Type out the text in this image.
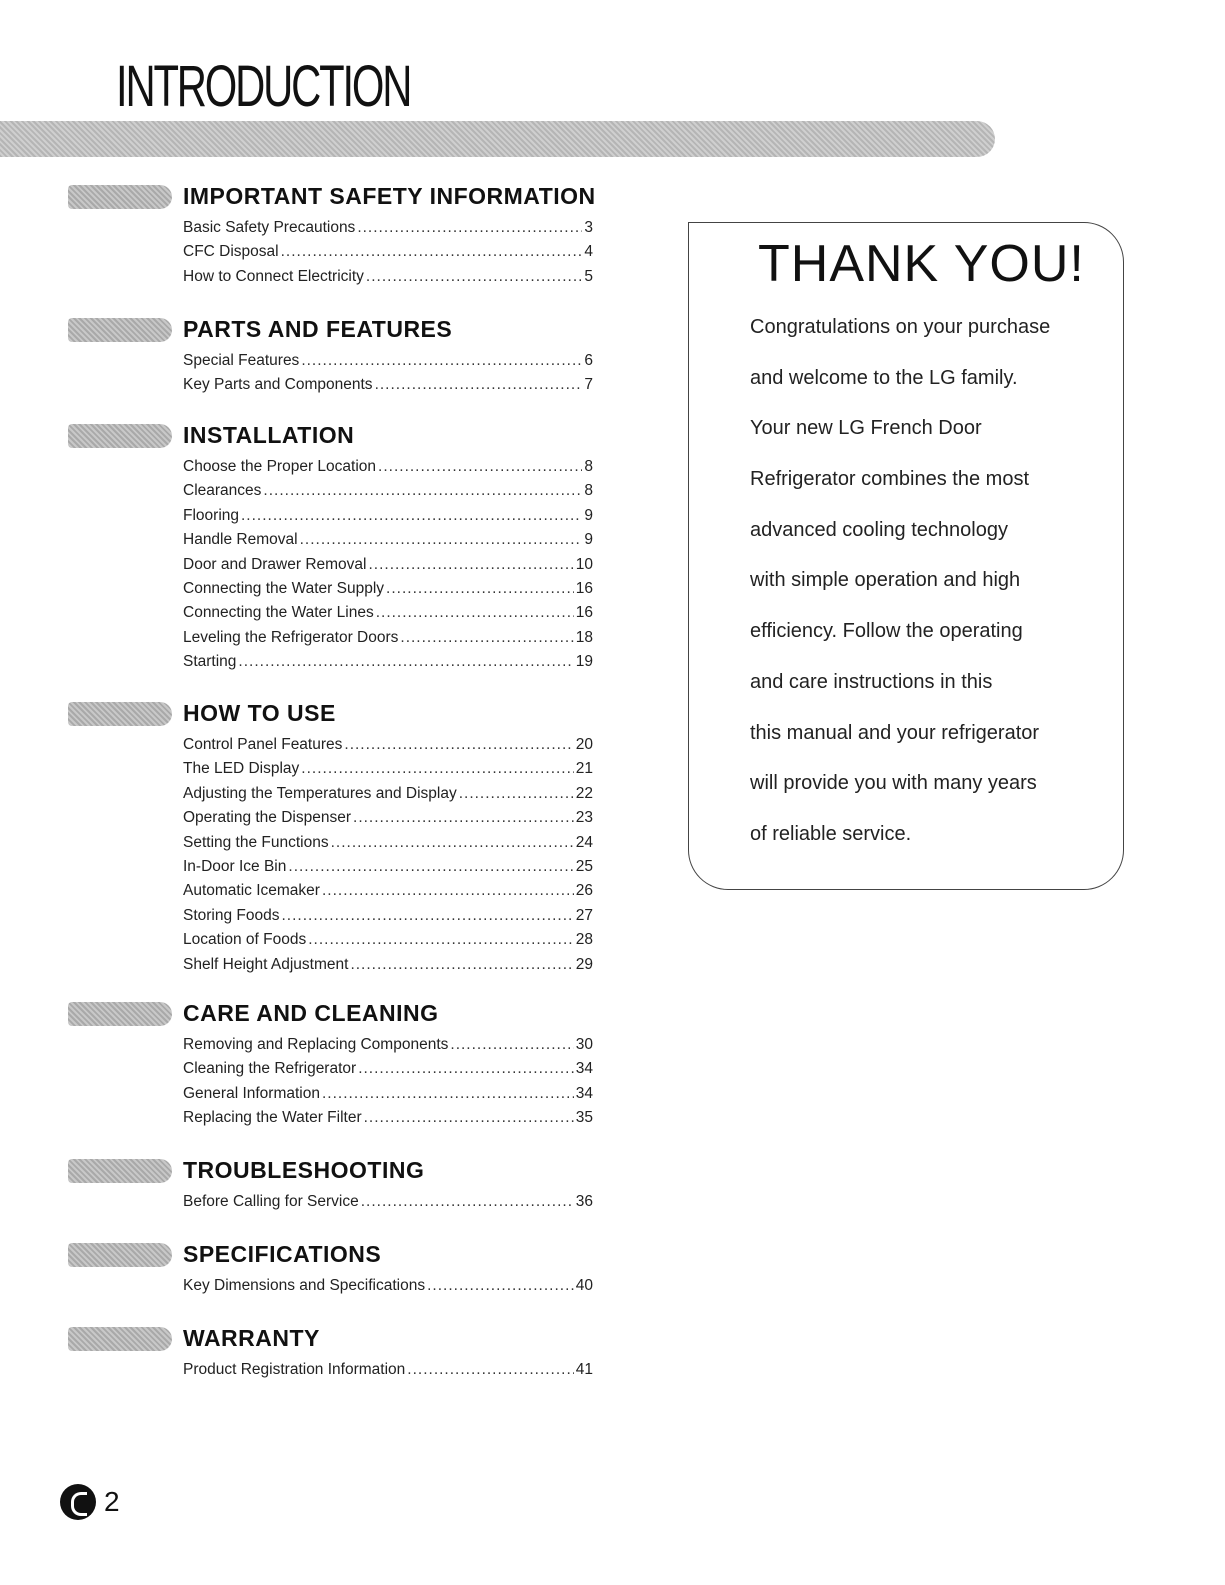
INTRODUCTION
IMPORTANT SAFETY INFORMATION
Basic Safety Precautions .....	3
CFC Disposal .....	4
How to Connect Electricity .....	5
PARTS AND FEATURES
Special Features .....	6
Key Parts and Components .....	7
INSTALLATION
Choose the Proper Location .....	8
Clearances .....	8
Flooring .....	9
Handle Removal .....	9
Door and Drawer Removal .....	10
Connecting the Water Supply .....	16
Connecting the Water Lines .....	16
Leveling the Refrigerator Doors .....	18
Starting .....	19
HOW TO USE
Control Panel Features .....	20
The LED Display .....	21
Adjusting the Temperatures and Display .....	22
Operating the Dispenser .....	23
Setting the Functions .....	24
In-Door Ice Bin .....	25
Automatic Icemaker .....	26
Storing Foods .....	27
Location of Foods .....	28
Shelf Height Adjustment .....	29
CARE AND CLEANING
Removing and Replacing Components .....	30
Cleaning the Refrigerator .....	34
General Information .....	34
Replacing the Water Filter .....	35
TROUBLESHOOTING
Before Calling for Service .....	36
SPECIFICATIONS
Key Dimensions and Specifications .....	40
WARRANTY
Product Registration Information .....	41
THANK YOU!
Congratulations on your purchase
and welcome to the LG family.
Your new LG French Door
Refrigerator combines the most
advanced cooling technology
with simple operation and high
efficiency. Follow the operating
and care instructions in this
this manual and your refrigerator
will provide you with many years
of reliable service.
2
